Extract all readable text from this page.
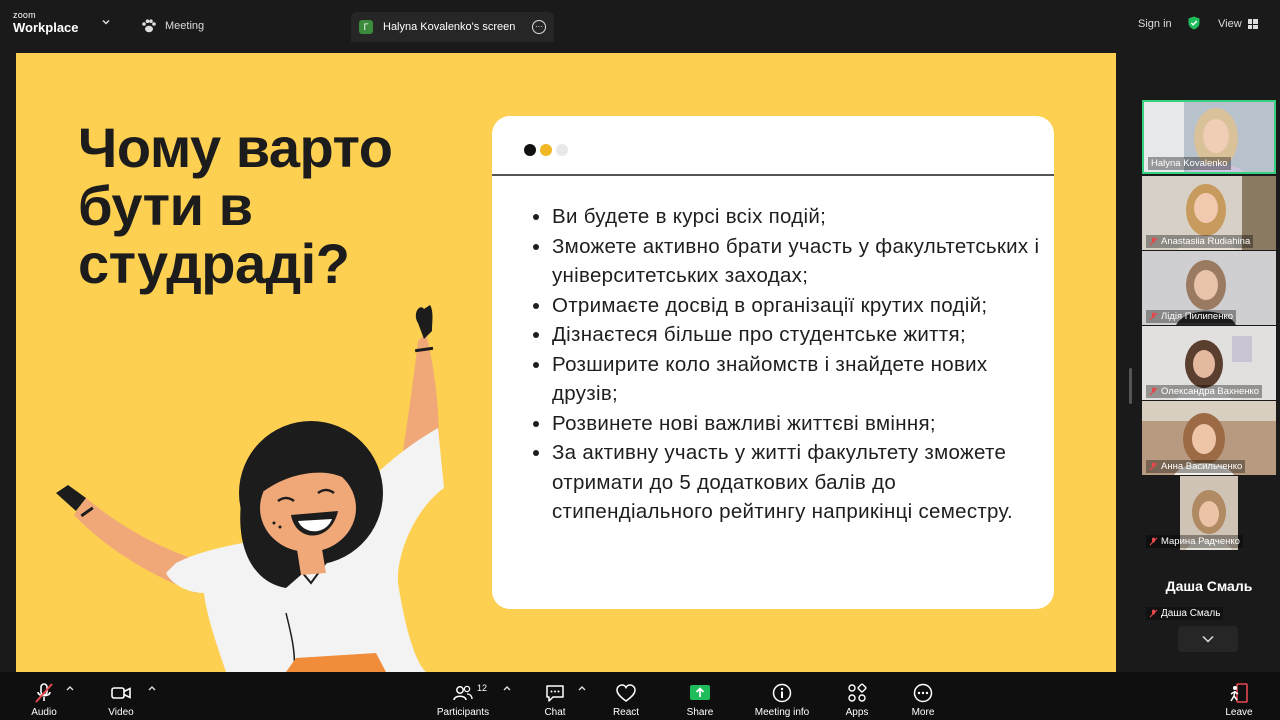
zoom
Workplace	Meeting	Г	Halyna Kovalenko's screen	···	Sign in	View
Чому варто бути в студраді?
Ви будете в курсі всіх подій;
Зможете активно брати участь у факультетських і університетських заходах;
Отримаєте досвід в організації крутих подій;
Дізнаєтеся більше про студентське життя;
Розширите коло знайомств і знайдете нових друзів;
Розвинете нові важливі життєві вміння;
За активну участь у житті факультету зможете отримати до 5 додаткових балів до стипендіального рейтингу наприкінці семестру.
Halyna Kovalenko
Anastasiia Rudiahina
Лідія Пилипенко
Олександра Вахненко
Анна Васильченко
Марина Радченко
Даша Смаль
Даша Смаль
Audio	Video	Participants
12
Chat	React	Share	Meeting info	Apps	More	Leave
